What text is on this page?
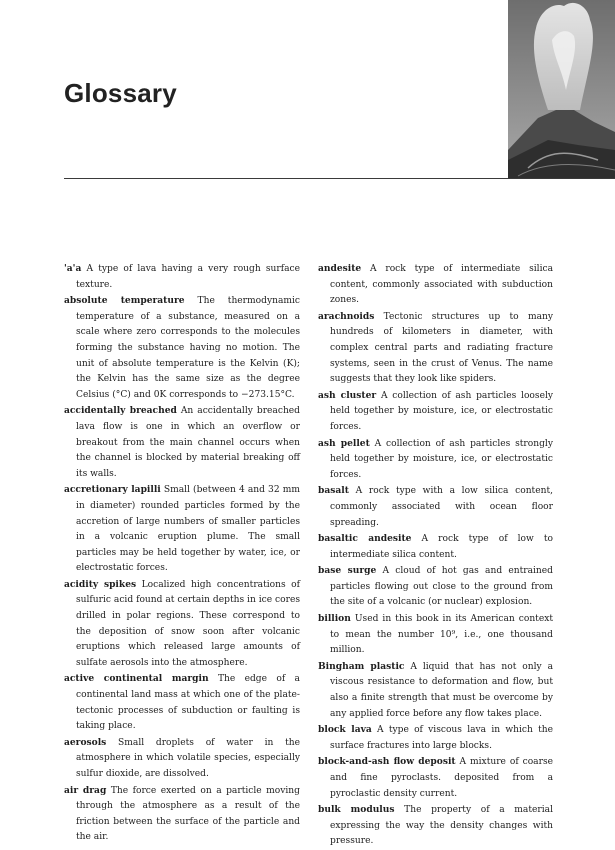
Glossary

'a'a A type of lava having a very rough surface texture.

absolute temperature The thermodynamic temperature of a substance, measured on a scale where zero corresponds to the molecules forming the substance having no motion. The unit of absolute temperature is the Kelvin (K); the Kelvin has the same size as the degree Celsius (°C) and 0K corresponds to −273.15°C.

accidentally breached An accidentally breached lava flow is one in which an overflow or breakout from the main channel occurs when the channel is blocked by material breaking off its walls.

accretionary lapilli Small (between 4 and 32 mm in diameter) rounded particles formed by the accretion of large numbers of smaller particles in a volcanic eruption plume. The small particles may be held together by water, ice, or electrostatic forces.

acidity spikes Localized high concentrations of sulfuric acid found at certain depths in ice cores drilled in polar regions. These correspond to the deposition of snow soon after volcanic eruptions which released large amounts of sulfate aerosols into the atmosphere.

active continental margin The edge of a continental land mass at which one of the plate-tectonic processes of subduction or faulting is taking place.

aerosols Small droplets of water in the atmosphere in which volatile species, especially sulfur dioxide, are dissolved.

air drag The force exerted on a particle moving through the atmosphere as a result of the friction between the surface of the particle and the air.

andesite A rock type of intermediate silica content, commonly associated with subduction zones.

arachnoids Tectonic structures up to many hundreds of kilometers in diameter, with complex central parts and radiating fracture systems, seen in the crust of Venus. The name suggests that they look like spiders.

ash cluster A collection of ash particles loosely held together by moisture, ice, or electrostatic forces.

ash pellet A collection of ash particles strongly held together by moisture, ice, or electrostatic forces.

basalt A rock type with a low silica content, commonly associated with ocean floor spreading.

basaltic andesite A rock type of low to intermediate silica content.

base surge A cloud of hot gas and entrained particles flowing out close to the ground from the site of a volcanic (or nuclear) explosion.

billion Used in this book in its American context to mean the number 10⁹, i.e., one thousand million.

Bingham plastic A liquid that has not only a viscous resistance to deformation and flow, but also a finite strength that must be overcome by any applied force before any flow takes place.

block lava A type of viscous lava in which the surface fractures into large blocks.

block-and-ash flow deposit A mixture of coarse and fine pyroclasts. deposited from a pyroclastic density current.

bulk modulus The property of a material expressing the way the density changes with pressure.
